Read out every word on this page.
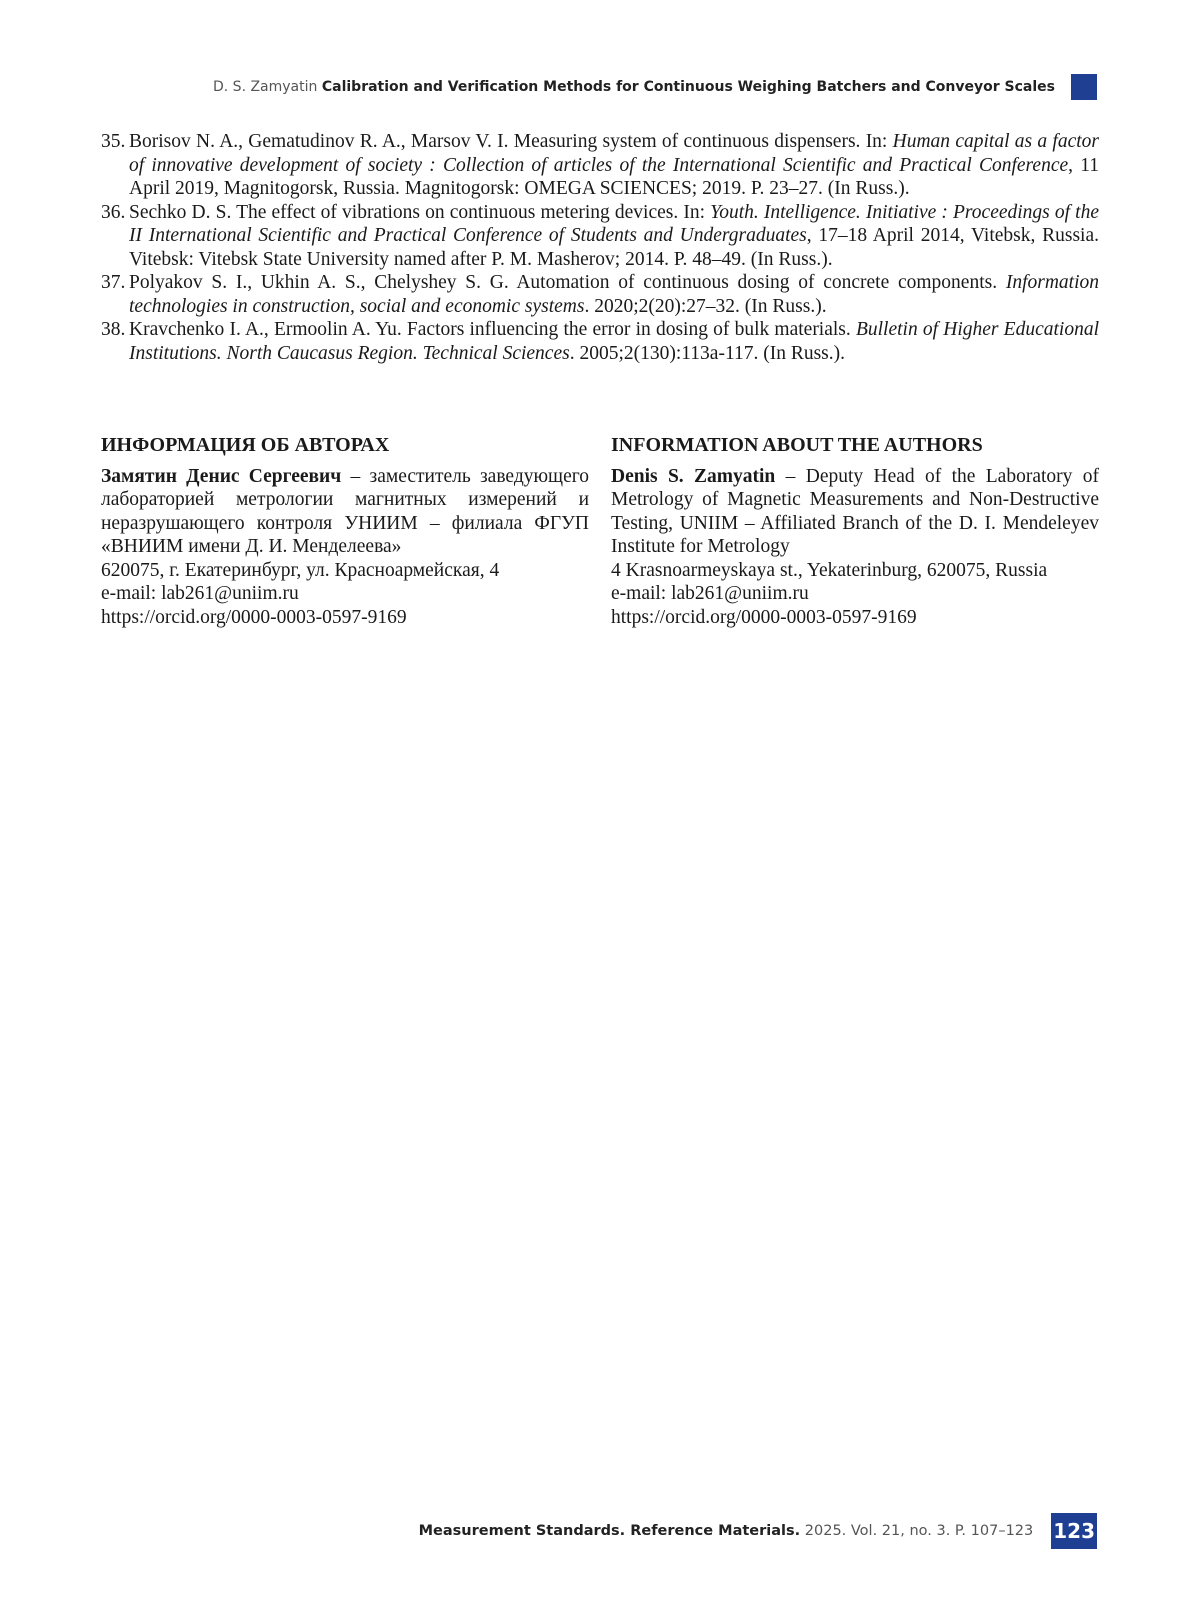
D. S. Zamyatin Calibration and Verification Methods for Continuous Weighing Batchers and Conveyor Scales
35. Borisov N. A., Gematudinov R. A., Marsov V. I. Measuring system of continuous dispensers. In: Human capital as a factor of innovative development of society : Collection of articles of the International Scientific and Practical Conference, 11 April 2019, Magnitogorsk, Russia. Magnitogorsk: OMEGA SCIENCES; 2019. P. 23–27. (In Russ.).
36. Sechko D. S. The effect of vibrations on continuous metering devices. In: Youth. Intelligence. Initiative : Proceedings of the II International Scientific and Practical Conference of Students and Undergraduates, 17–18 April 2014, Vitebsk, Russia. Vitebsk: Vitebsk State University named after P. M. Masherov; 2014. P. 48–49. (In Russ.).
37. Polyakov S. I., Ukhin A. S., Chelyshey S. G. Automation of continuous dosing of concrete components. Information technologies in construction, social and economic systems. 2020;2(20):27–32. (In Russ.).
38. Kravchenko I. A., Ermoolin A. Yu. Factors influencing the error in dosing of bulk materials. Bulletin of Higher Educational Institutions. North Caucasus Region. Technical Sciences. 2005;2(130):113a-117. (In Russ.).
ИНФОРМАЦИЯ ОБ АВТОРАХ

Замятин Денис Сергеевич – заместитель заведующего лабораторией метрологии магнитных измерений и неразрушающего контроля УНИИМ – филиала ФГУП «ВНИИМ имени Д. И. Менделеева»

620075, г. Екатеринбург, ул. Красноармейская, 4

e-mail: lab261@uniim.ru

https://orcid.org/0000-0003-0597-9169

INFORMATION ABOUT THE AUTHORS

Denis S. Zamyatin – Deputy Head of the Laboratory of Metrology of Magnetic Measurements and Non-Destructive Testing, UNIIM – Affiliated Branch of the D. I. Mendeleyev Institute for Metrology

4 Krasnoarmeyskaya st., Yekaterinburg, 620075, Russia

e-mail: lab261@uniim.ru

https://orcid.org/0000-0003-0597-9169

Measurement Standards. Reference Materials. 2025. Vol. 21, no. 3. P. 107–123 123
